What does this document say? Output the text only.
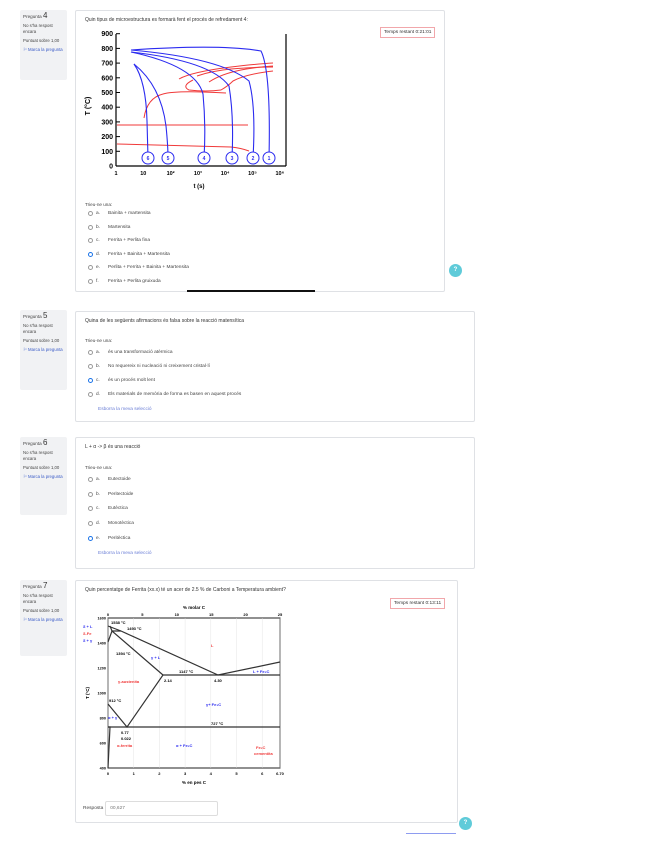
Pregunta 4

No s'ha respost encara

Puntuat sobre 1,00

⚐ Marca la pregunta

Quin tipus de microestructura es formarà fent el procés de refredament 4:
Temps restant 0:21:01
900
800
700
600
500
400
300
200
100
0
1	10	10²	10³	10⁴	10⁵	10⁶
T (°C)
t (s)
6	5	4	3	2	1
Trieu-ne una:
a.	Bainita + martensita
b.	Martensita
c.	Ferrita + Perlita fina
d.	Ferrita + Bainita + Martensita
e.	Perlita + Ferrita + Bainita + Martensita
f.	Ferrita + Perlita gruixuda
?

Pregunta 5

No s'ha respost encara

Puntuat sobre 1,00

⚐ Marca la pregunta

Quina de les següents afirmacions és falsa sobre la reacció matensítica
Trieu-ne una:
a.	és una transformació atèrmica
b.	No requereix ni nucleació ni creixement cristal·lí
c.	és un procés molt lent
d.	Els materials de memòria de forma es basen en aquest procés
Esborra la meva selecció

Pregunta 6

No s'ha respost encara

Puntuat sobre 1,00

⚐ Marca la pregunta

L + α -> β és una reacció
Trieu-ne una:
a.	Eutectoide
b.	Peritectoide
c.	Eutèctica
d.	Monotèctica
e.	Peritèctica
Esborra la meva selecció

Pregunta 7

No s'ha respost encara

Puntuat sobre 1,00

⚐ Marca la pregunta

Quin percentatge de Ferrita (xx.x) té un acer de 2.5 % de Carboni a Temperatura ambient?
Temps restant 0:13:11
0	5	10	15	20	25
0	1	2	3	4	5	6	6.70
1600
1400
1200
1000
800
600
400
% molar C
% en pes C
T (°C)
1538 °C
1493 °C
1394 °C
1147 °C
912 °C
727 °C
2.14	4.30
0.77
0.022
δ + L
δ-Fe
δ + γ
γ + L
L
L + Fe₃C
γ-austenita
γ+ Fe₃C
α + γ
α-ferrita	α + Fe₃C	Fe₃C
cementita
Resposta	00,627
?
